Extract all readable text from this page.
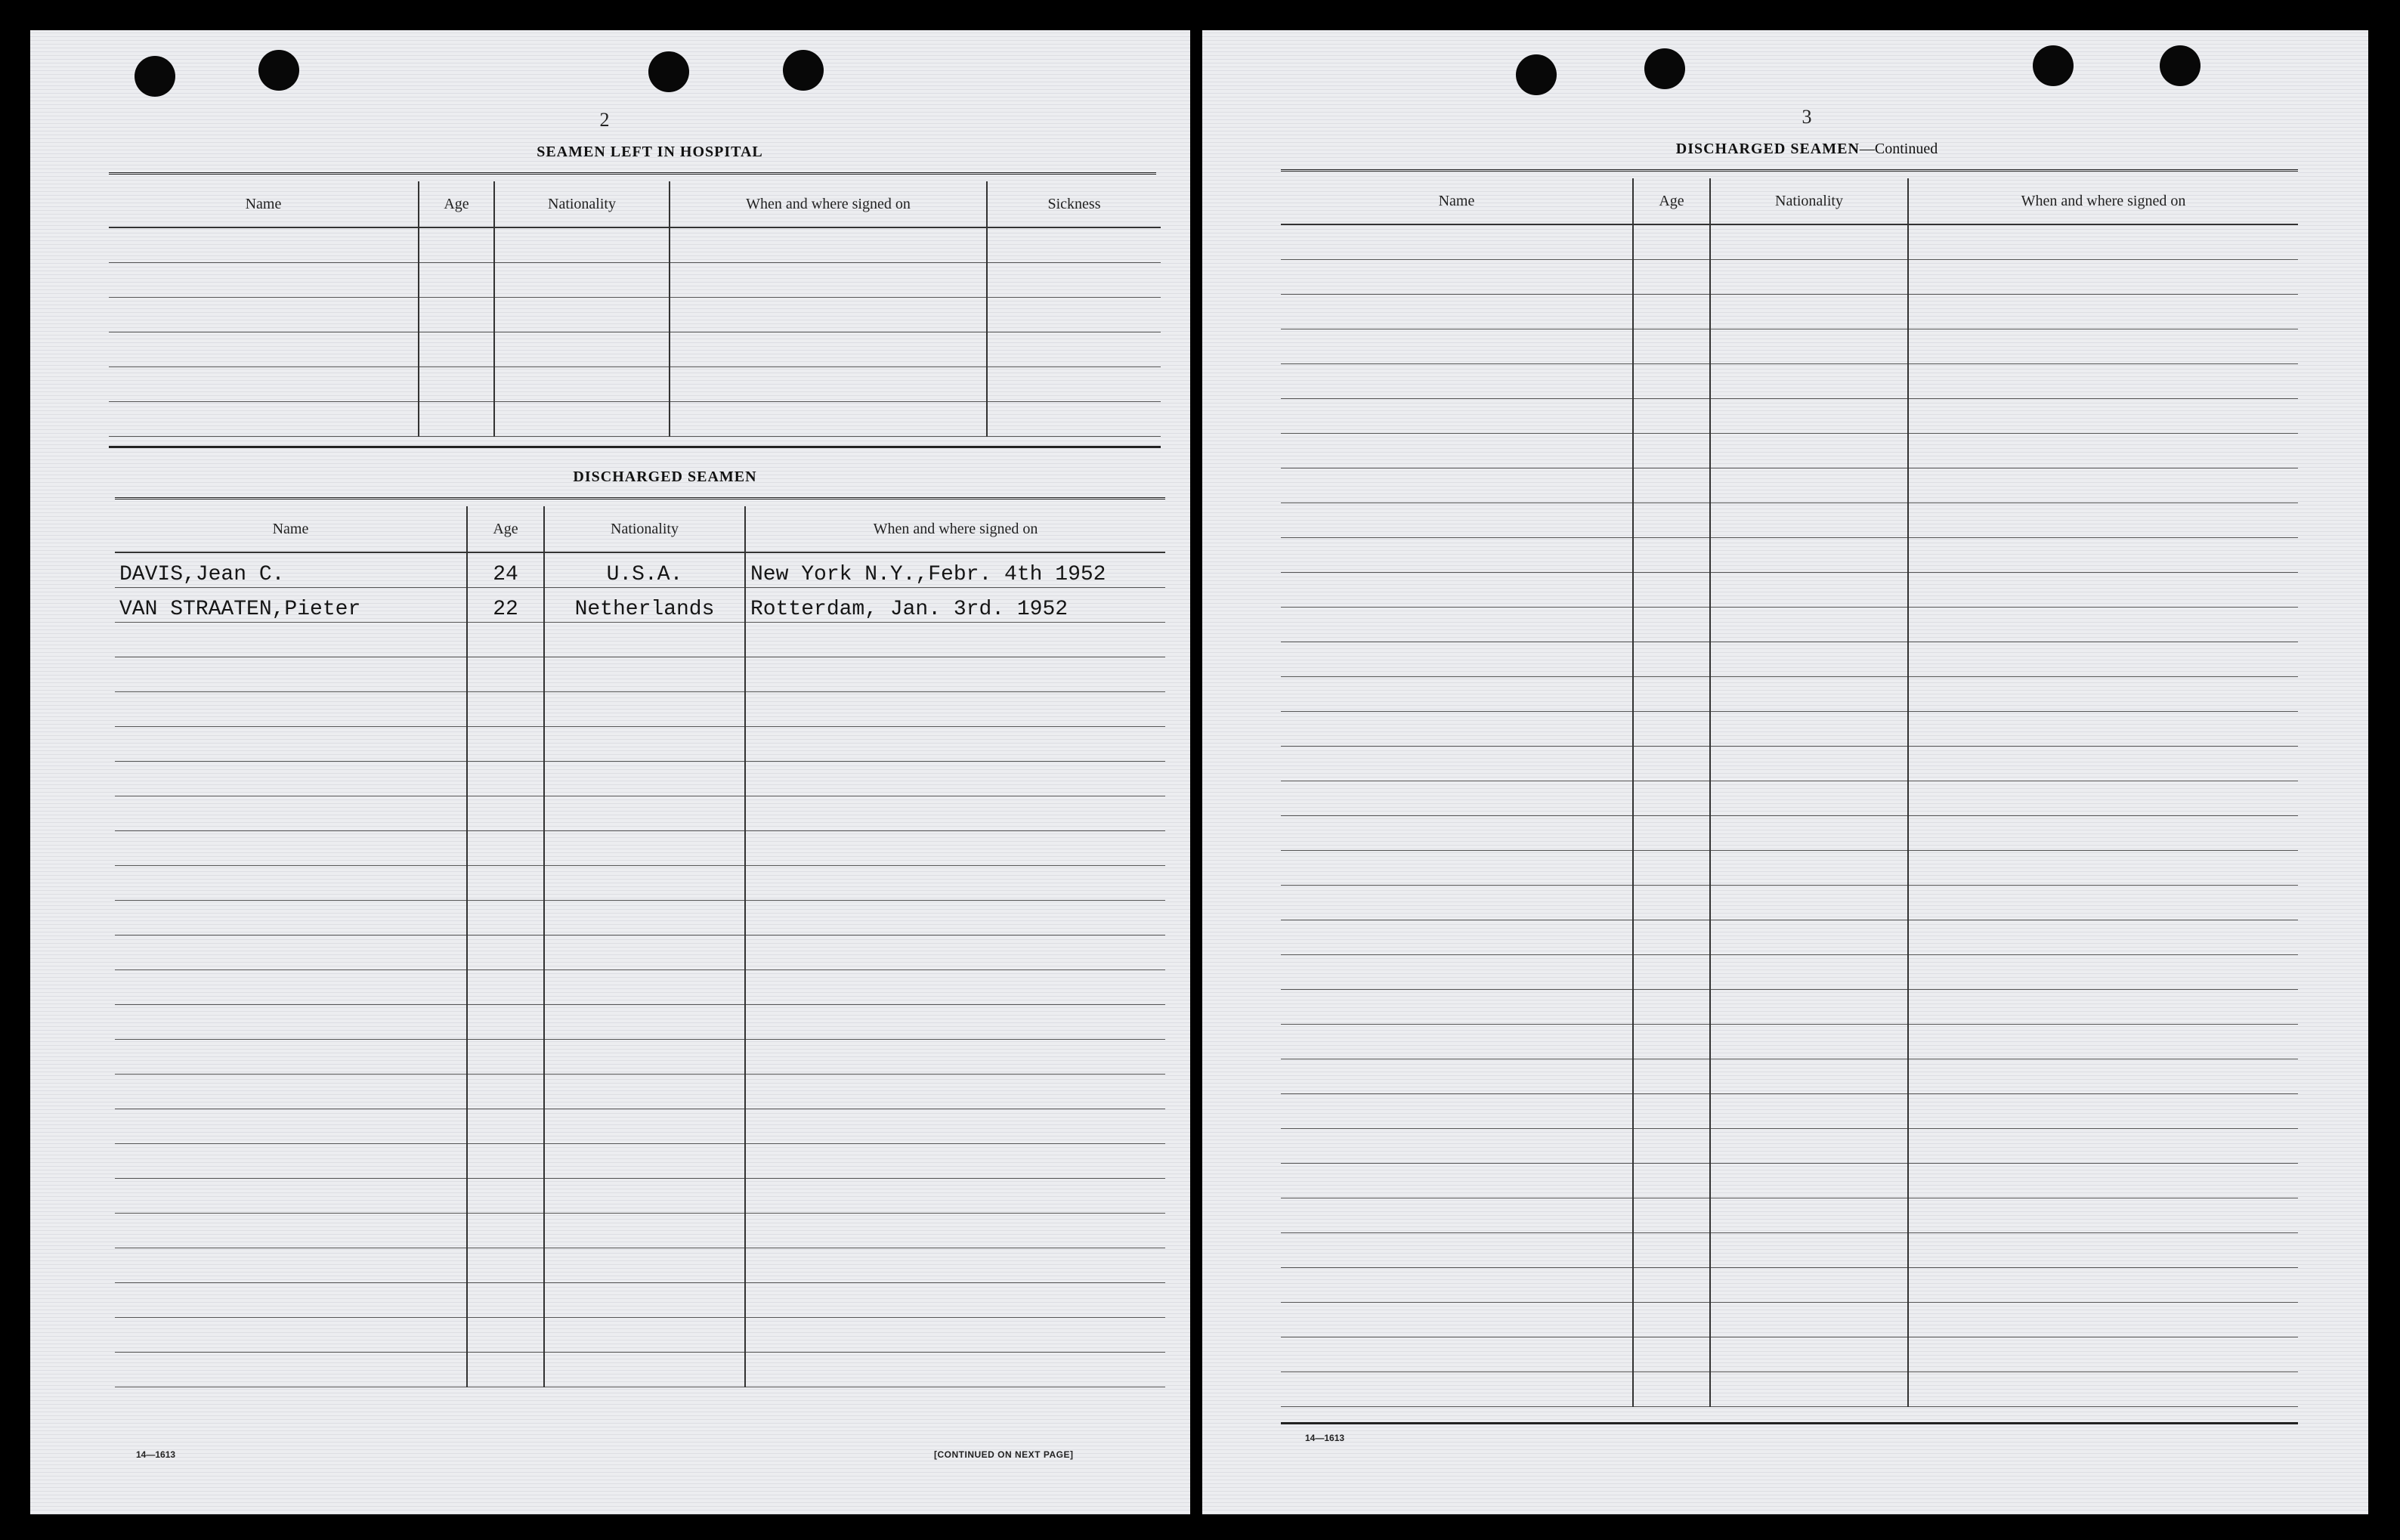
2
SEAMEN LEFT IN HOSPITAL
Name	Age	Nationality	When and where signed on	Sickness

DISCHARGED SEAMEN
Name	Age	Nationality	When and where signed on
DAVIS,Jean C.	24	U.S.A.	New York N.Y.,Febr. 4th 1952
VAN STRAATEN,Pieter	22	Netherlands	Rotterdam, Jan. 3rd. 1952

14—1613	[CONTINUED ON NEXT PAGE]
3
DISCHARGED SEAMEN—Continued
Name	Age	Nationality	When and where signed on

14—1613
